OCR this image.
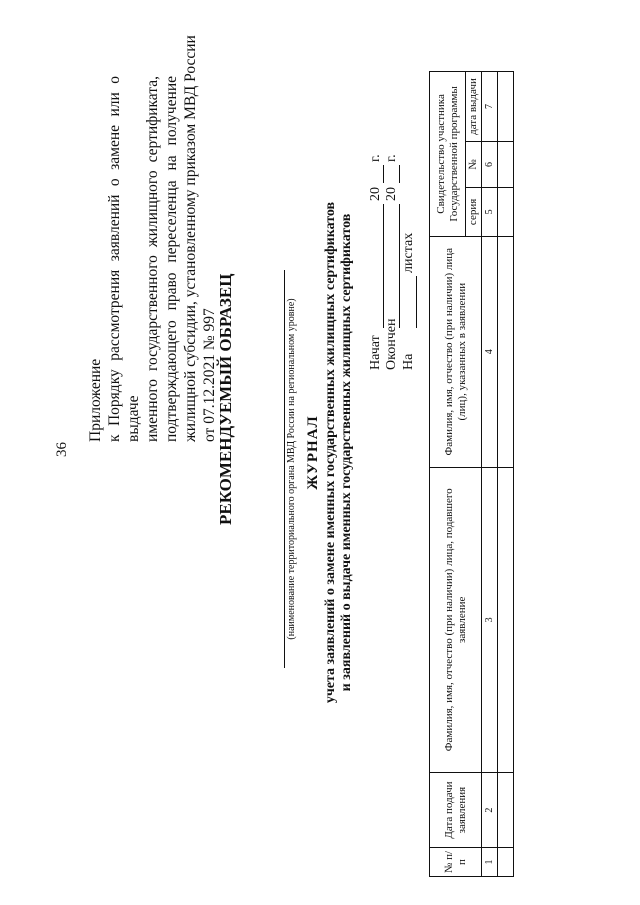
36
Приложение к Порядку рассмотрения заявлений о замене или о выдаче именного государственного жилищного сертификата, подтверждающего право переселенца на получение жилищной субсидии, установленному приказом МВД России от 07.12.2021 № 997
РЕКОМЕНДУЕМЫЙ ОБРАЗЕЦ	(наименование территориального органа МВД России на региональном уровне) ЖУРНАЛ учета заявлений о замене именных государственных жилищных сертификатов и заявлений о выдаче именных государственных жилищных сертификатов Начат  20  г.
Окончен  20  г.
На  листах
№ п/п	Дата подачи заявления	Фамилия, имя, отчество (при наличии) лица, подавшего заявление	Фамилия, имя, отчество (при наличии) лица (лиц), указанных в заявлении	Свидетельство участника Государственной программы		
				серия	№	дата выдачи
1	2	3	4	5	6	7
